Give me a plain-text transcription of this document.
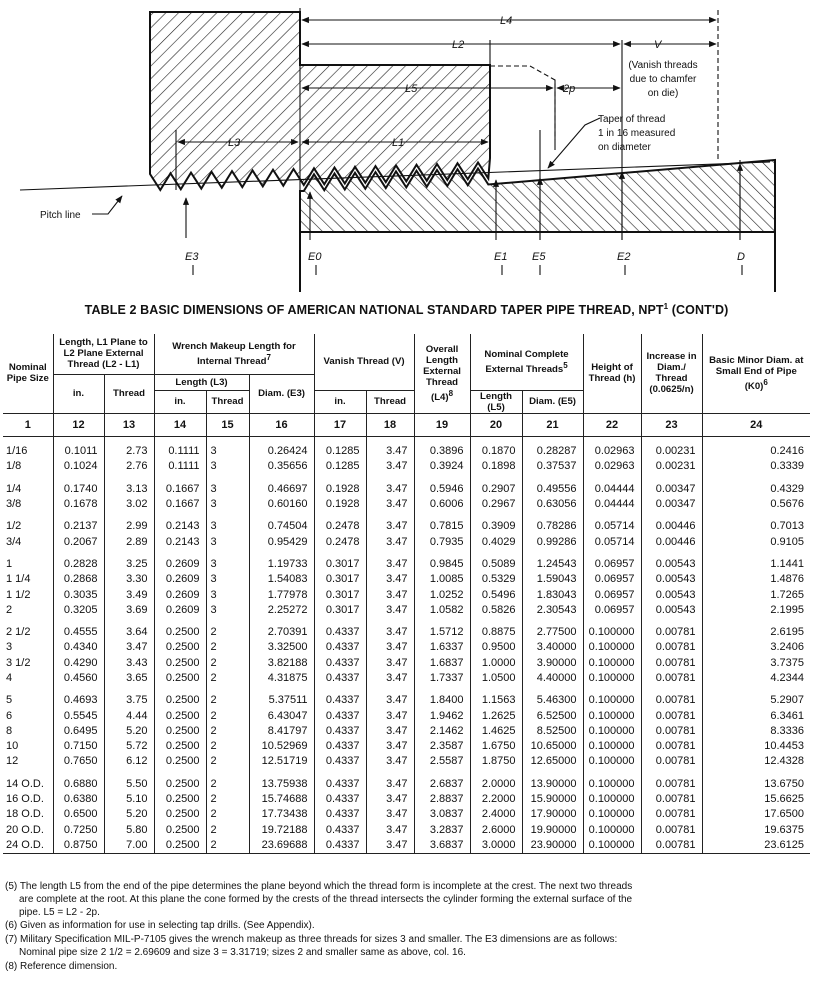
L4
L2	V
(Vanish threads
due to chamfer
on die)
L5	2p
Taper of thread
1 in 16 measured
on diameter
L3	L1
Pitch line
E3	E0	E1 E5	E2	D
TABLE 2 BASIC DIMENSIONS OF AMERICAN NATIONAL STANDARD TAPER PIPE THREAD, NPT$^1$ (CONT'D)
Nominal Pipe Size	Length, L1 Plane to L2 Plane External Thread (L2 - L1)		Wrench Makeup Length for Internal Thread$^7$			Vanish Thread (V)		Overall Length External Thread $(L4)^8$	Nominal Complete External Threads$^5$		Height of Thread (h)	Increase in Diam./ Thread (0.0625/n)	Basic Minor Diam. at Small End of Pipe $(K0)^6$
	in.	Thread	Length (L3)		Diam. (E3)								
			in.	Thread		in.	Thread		Length (L5)	Diam. (E5)			
1	12	13	14	15	16	17	18	19	20	21	22	23	24

1/16	0.1011	2.73	0.1111	3	0.26424	0.1285	3.47	0.3896	0.1870	0.28287	0.02963	0.00231	0.2416
1/8	0.1024	2.76	0.1111	3	0.35656	0.1285	3.47	0.3924	0.1898	0.37537	0.02963	0.00231	0.3339

1/4	0.1740	3.13	0.1667	3	0.46697	0.1928	3.47	0.5946	0.2907	0.49556	0.04444	0.00347	0.4329
3/8	0.1678	3.02	0.1667	3	0.60160	0.1928	3.47	0.6006	0.2967	0.63056	0.04444	0.00347	0.5676

1/2	0.2137	2.99	0.2143	3	0.74504	0.2478	3.47	0.7815	0.3909	0.78286	0.05714	0.00446	0.7013
3/4	0.2067	2.89	0.2143	3	0.95429	0.2478	3.47	0.7935	0.4029	0.99286	0.05714	0.00446	0.9105

1	0.2828	3.25	0.2609	3	1.19733	0.3017	3.47	0.9845	0.5089	1.24543	0.06957	0.00543	1.1441
1 1/4	0.2868	3.30	0.2609	3	1.54083	0.3017	3.47	1.0085	0.5329	1.59043	0.06957	0.00543	1.4876
1 1/2	0.3035	3.49	0.2609	3	1.77978	0.3017	3.47	1.0252	0.5496	1.83043	0.06957	0.00543	1.7265
2	0.3205	3.69	0.2609	3	2.25272	0.3017	3.47	1.0582	0.5826	2.30543	0.06957	0.00543	2.1995

2 1/2	0.4555	3.64	0.2500	2	2.70391	0.4337	3.47	1.5712	0.8875	2.77500	0.100000	0.00781	2.6195
3	0.4340	3.47	0.2500	2	3.32500	0.4337	3.47	1.6337	0.9500	3.40000	0.100000	0.00781	3.2406
3 1/2	0.4290	3.43	0.2500	2	3.82188	0.4337	3.47	1.6837	1.0000	3.90000	0.100000	0.00781	3.7375
4	0.4560	3.65	0.2500	2	4.31875	0.4337	3.47	1.7337	1.0500	4.40000	0.100000	0.00781	4.2344

5	0.4693	3.75	0.2500	2	5.37511	0.4337	3.47	1.8400	1.1563	5.46300	0.100000	0.00781	5.2907
6	0.5545	4.44	0.2500	2	6.43047	0.4337	3.47	1.9462	1.2625	6.52500	0.100000	0.00781	6.3461
8	0.6495	5.20	0.2500	2	8.41797	0.4337	3.47	2.1462	1.4625	8.52500	0.100000	0.00781	8.3336
10	0.7150	5.72	0.2500	2	10.52969	0.4337	3.47	2.3587	1.6750	10.65000	0.100000	0.00781	10.4453
12	0.7650	6.12	0.2500	2	12.51719	0.4337	3.47	2.5587	1.8750	12.65000	0.100000	0.00781	12.4328

14 O.D.	0.6880	5.50	0.2500	2	13.75938	0.4337	3.47	2.6837	2.0000	13.90000	0.100000	0.00781	13.6750
16 O.D.	0.6380	5.10	0.2500	2	15.74688	0.4337	3.47	2.8837	2.2000	15.90000	0.100000	0.00781	15.6625
18 O.D.	0.6500	5.20	0.2500	2	17.73438	0.4337	3.47	3.0837	2.4000	17.90000	0.100000	0.00781	17.6500
20 O.D.	0.7250	5.80	0.2500	2	19.72188	0.4337	3.47	3.2837	2.6000	19.90000	0.100000	0.00781	19.6375
24 O.D.	0.8750	7.00	0.2500	2	23.69688	0.4337	3.47	3.6837	3.0000	23.90000	0.100000	0.00781	23.6125

(5) The length L5 from the end of the pipe determines the plane beyond which the thread form is incomplete at the crest. The next two threads
are complete at the root. At this plane the cone formed by the crests of the thread intersects the cylinder forming the external surface of the
pipe. L5 = L2 - 2p.

(6) Given as information for use in selecting tap drills. (See Appendix).

(7) Military Specification MIL-P-7105 gives the wrench makeup as three threads for sizes 3 and smaller. The E3 dimensions are as follows:
Nominal pipe size 2 1/2 = 2.69609 and size 3 = 3.31719; sizes 2 and smaller same as above, col. 16.

(8) Reference dimension.
